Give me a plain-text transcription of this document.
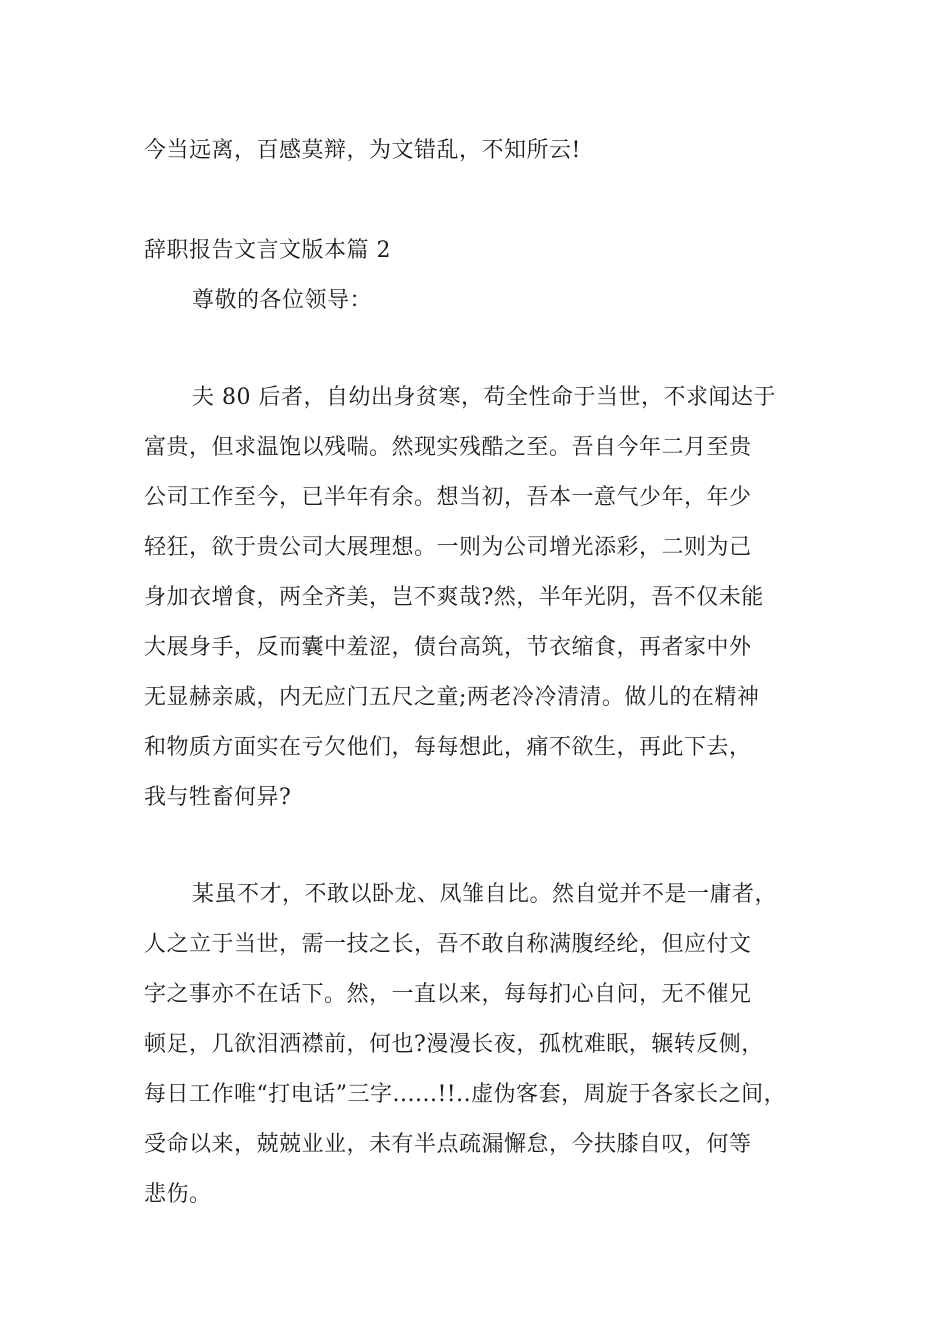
今当远离，百感莫辩，为文错乱，不知所云!
辞职报告文言文版本篇 2
尊敬的各位领导：
夫 80 后者，自幼出身贫寒，苟全性命于当世，不求闻达于
富贵，但求温饱以残喘。然现实残酷之至。吾自今年二月至贵
公司工作至今，已半年有余。想当初，吾本一意气少年，年少
轻狂，欲于贵公司大展理想。一则为公司增光添彩，二则为己
身加衣增食，两全齐美，岂不爽哉?然，半年光阴，吾不仅未能
大展身手，反而囊中羞涩，债台高筑，节衣缩食，再者家中外
无显赫亲戚，内无应门五尺之童;两老冷冷清清。做儿的在精神
和物质方面实在亏欠他们，每每想此，痛不欲生，再此下去，
我与牲畜何异?
某虽不才，不敢以卧龙、凤雏自比。然自觉并不是一庸者，
人之立于当世，需一技之长，吾不敢自称满腹经纶，但应付文
字之事亦不在话下。然，一直以来，每每扪心自问，无不催兄
顿足，几欲泪洒襟前，何也?漫漫长夜，孤枕难眠，辗转反侧，
每日工作唯“打电话”三字......!!..虚伪客套，周旋于各家长之间，
受命以来，兢兢业业，未有半点疏漏懈怠，今扶膝自叹，何等
悲伤。
